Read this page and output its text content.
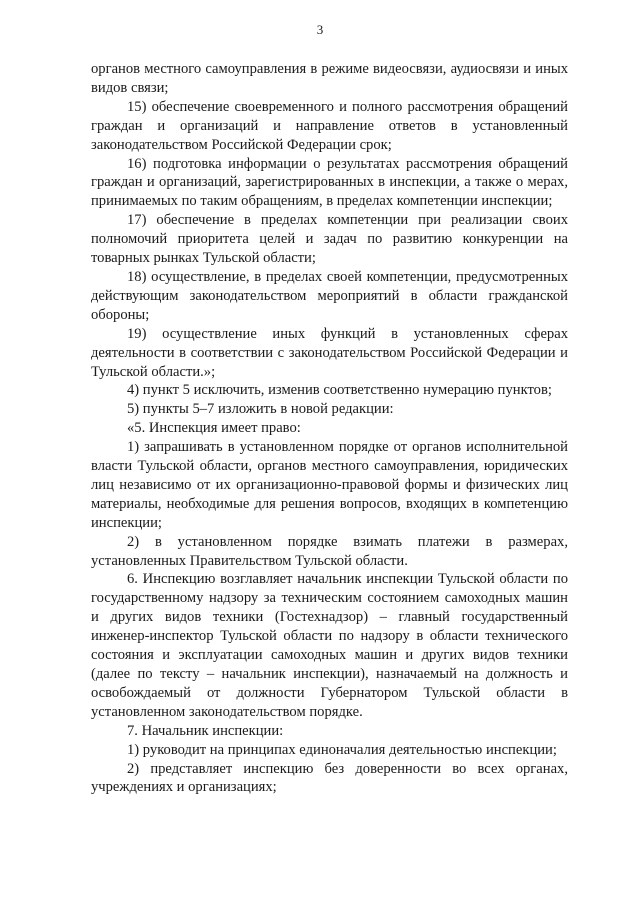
3

органов местного самоуправления в режиме видеосвязи, аудиосвязи и иных видов связи;

15) обеспечение своевременного и полного рассмотрения обращений граждан и организаций и направление ответов в установленный законодательством Российской Федерации срок;

16) подготовка информации о результатах рассмотрения обращений граждан и организаций, зарегистрированных в инспекции, а также о мерах, принимаемых по таким обращениям, в пределах компетенции инспекции;

17) обеспечение в пределах компетенции при реализации своих полномочий приоритета целей и задач по развитию конкуренции на товарных рынках Тульской области;

18) осуществление, в пределах своей компетенции, предусмотренных действующим законодательством мероприятий в области гражданской обороны;

19) осуществление иных функций в установленных сферах деятельности в соответствии с законодательством Российской Федерации и Тульской области.»;

4) пункт 5 исключить, изменив соответственно нумерацию пунктов;

5) пункты 5–7 изложить в новой редакции:

«5. Инспекция имеет право:

1) запрашивать в установленном порядке от органов исполнительной власти Тульской области, органов местного самоуправления, юридических лиц независимо от их организационно-правовой формы и физических лиц материалы, необходимые для решения вопросов, входящих в компетенцию инспекции;

2) в установленном порядке взимать платежи в размерах, установленных Правительством Тульской области.

6. Инспекцию возглавляет начальник инспекции Тульской области по государственному надзору за техническим состоянием самоходных машин и других видов техники (Гостехнадзор) – главный государственный инженер-инспектор Тульской области по надзору в области технического состояния и эксплуатации самоходных машин и других видов техники (далее по тексту – начальник инспекции), назначаемый на должность и освобождаемый от должности Губернатором Тульской области в установленном законодательством порядке.

7. Начальник инспекции:

1) руководит на принципах единоначалия деятельностью инспекции;

2) представляет инспекцию без доверенности во всех органах, учреждениях и организациях;
